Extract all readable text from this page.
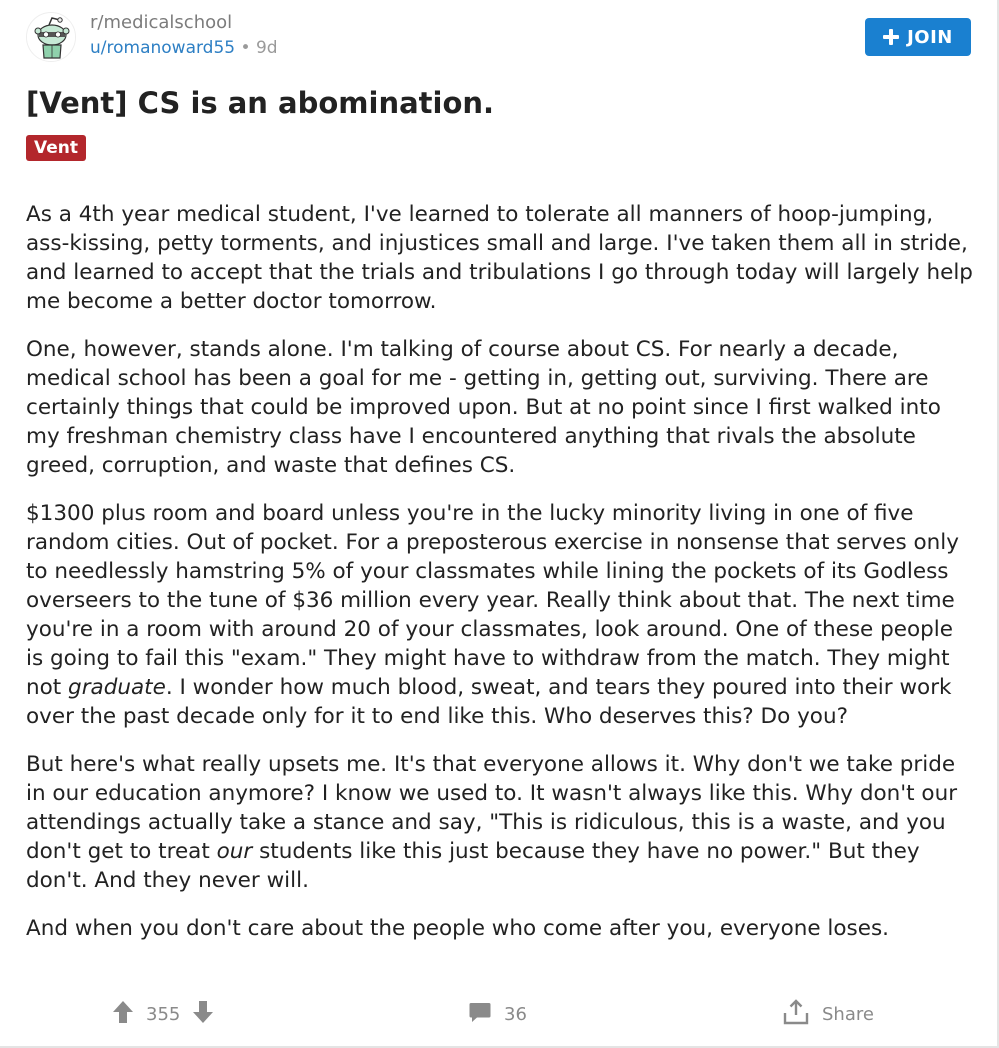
r/medicalschool
u/romanoward55 • 9d
JOIN
[Vent] CS is an abomination.
Vent

As a 4th year medical student, I've learned to tolerate all manners of hoop-jumping, ass-kissing, petty torments, and injustices small and large. I've taken them all in stride, and learned to accept that the trials and tribulations I go through today will largely help me become a better doctor tomorrow.

One, however, stands alone. I'm talking of course about CS. For nearly a decade, medical school has been a goal for me - getting in, getting out, surviving. There are certainly things that could be improved upon. But at no point since I first walked into my freshman chemistry class have I encountered anything that rivals the absolute greed, corruption, and waste that defines CS.

$1300 plus room and board unless you're in the lucky minority living in one of five random cities. Out of pocket. For a preposterous exercise in nonsense that serves only to needlessly hamstring 5% of your classmates while lining the pockets of its Godless overseers to the tune of $36 million every year. Really think about that. The next time you're in a room with around 20 of your classmates, look around. One of these people is going to fail this "exam." They might have to withdraw from the match. They might not graduate. I wonder how much blood, sweat, and tears they poured into their work over the past decade only for it to end like this. Who deserves this? Do you?

But here's what really upsets me. It's that everyone allows it. Why don't we take pride in our education anymore? I know we used to. It wasn't always like this. Why don't our attendings actually take a stance and say, "This is ridiculous, this is a waste, and you don't get to treat our students like this just because they have no power." But they don't. And they never will.

And when you don't care about the people who come after you, everyone loses.

355	36	Share
